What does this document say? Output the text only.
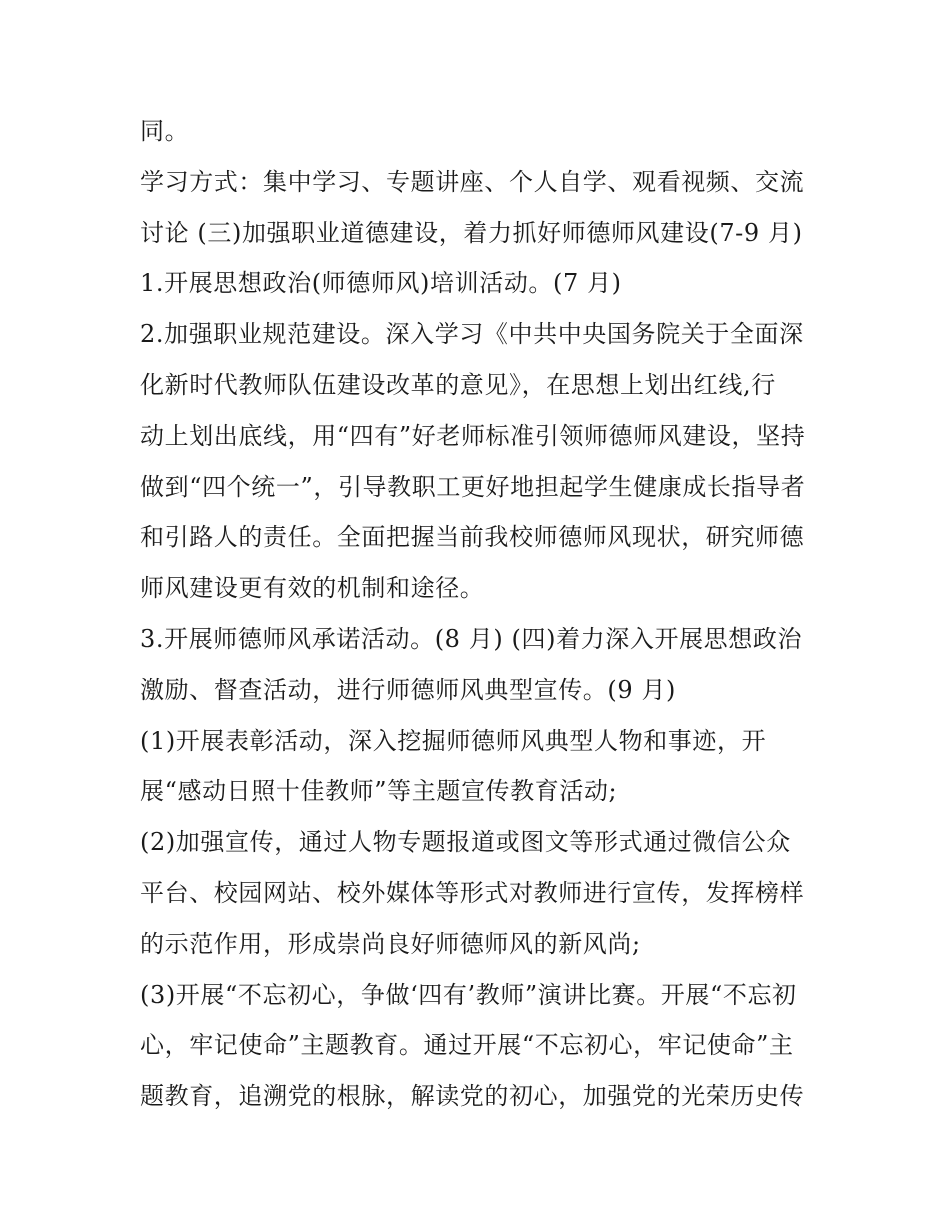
同。
学习方式：集中学习、专题讲座、个人自学、观看视频、交流
讨论 (三)加强职业道德建设，着力抓好师德师风建设(7-9 月)
1.开展思想政治(师德师风)培训活动。(7 月)
2.加强职业规范建设。深入学习《中共中央国务院关于全面深
化新时代教师队伍建设改革的意见》，在思想上划出红线,行
动上划出底线，用“四有”好老师标准引领师德师风建设，坚持
做到“四个统一”，引导教职工更好地担起学生健康成长指导者
和引路人的责任。全面把握当前我校师德师风现状，研究师德
师风建设更有效的机制和途径。
3.开展师德师风承诺活动。(8 月) (四)着力深入开展思想政治
激励、督查活动，进行师德师风典型宣传。(9 月)
(1)开展表彰活动，深入挖掘师德师风典型人物和事迹，开
展“感动日照十佳教师”等主题宣传教育活动;
(2)加强宣传，通过人物专题报道或图文等形式通过微信公众
平台、校园网站、校外媒体等形式对教师进行宣传，发挥榜样
的示范作用，形成崇尚良好师德师风的新风尚;
(3)开展“不忘初心，争做‘四有’教师”演讲比赛。开展“不忘初
心，牢记使命”主题教育。通过开展“不忘初心，牢记使命”主
题教育，追溯党的根脉，解读党的初心，加强党的光荣历史传
